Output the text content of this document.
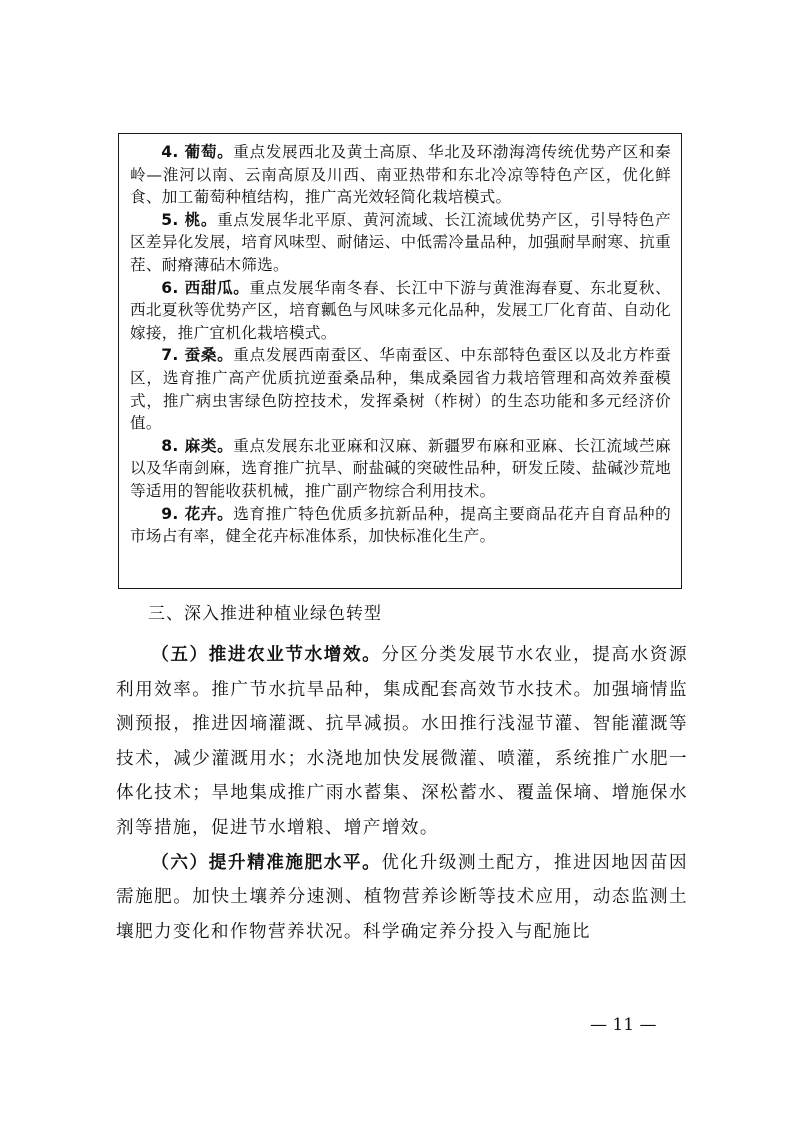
4. 葡萄。重点发展西北及黄土高原、华北及环渤海湾传统优势产区和秦岭—淮河以南、云南高原及川西、南亚热带和东北冷凉等特色产区，优化鲜食、加工葡萄种植结构，推广高光效轻简化栽培模式。

5. 桃。重点发展华北平原、黄河流域、长江流域优势产区，引导特色产区差异化发展，培育风味型、耐储运、中低需冷量品种，加强耐旱耐寒、抗重茬、耐瘠薄砧木筛选。

6. 西甜瓜。重点发展华南冬春、长江中下游与黄淮海春夏、东北夏秋、西北夏秋等优势产区，培育瓤色与风味多元化品种，发展工厂化育苗、自动化嫁接，推广宜机化栽培模式。

7. 蚕桑。重点发展西南蚕区、华南蚕区、中东部特色蚕区以及北方柞蚕区，选育推广高产优质抗逆蚕桑品种，集成桑园省力栽培管理和高效养蚕模式，推广病虫害绿色防控技术，发挥桑树（柞树）的生态功能和多元经济价值。

8. 麻类。重点发展东北亚麻和汉麻、新疆罗布麻和亚麻、长江流域苎麻以及华南剑麻，选育推广抗旱、耐盐碱的突破性品种，研发丘陵、盐碱沙荒地等适用的智能收获机械，推广副产物综合利用技术。

9. 花卉。选育推广特色优质多抗新品种，提高主要商品花卉自育品种的市场占有率，健全花卉标准体系，加快标准化生产。

三、深入推进种植业绿色转型

（五）推进农业节水增效。分区分类发展节水农业，提高水资源利用效率。推广节水抗旱品种，集成配套高效节水技术。加强墒情监测预报，推进因墒灌溉、抗旱减损。水田推行浅湿节灌、智能灌溉等技术，减少灌溉用水；水浇地加快发展微灌、喷灌，系统推广水肥一体化技术；旱地集成推广雨水蓄集、深松蓄水、覆盖保墒、增施保水剂等措施，促进节水增粮、增产增效。

（六）提升精准施肥水平。优化升级测土配方，推进因地因苗因需施肥。加快土壤养分速测、植物营养诊断等技术应用，动态监测土壤肥力变化和作物营养状况。科学确定养分投入与配施比

— 11 —
